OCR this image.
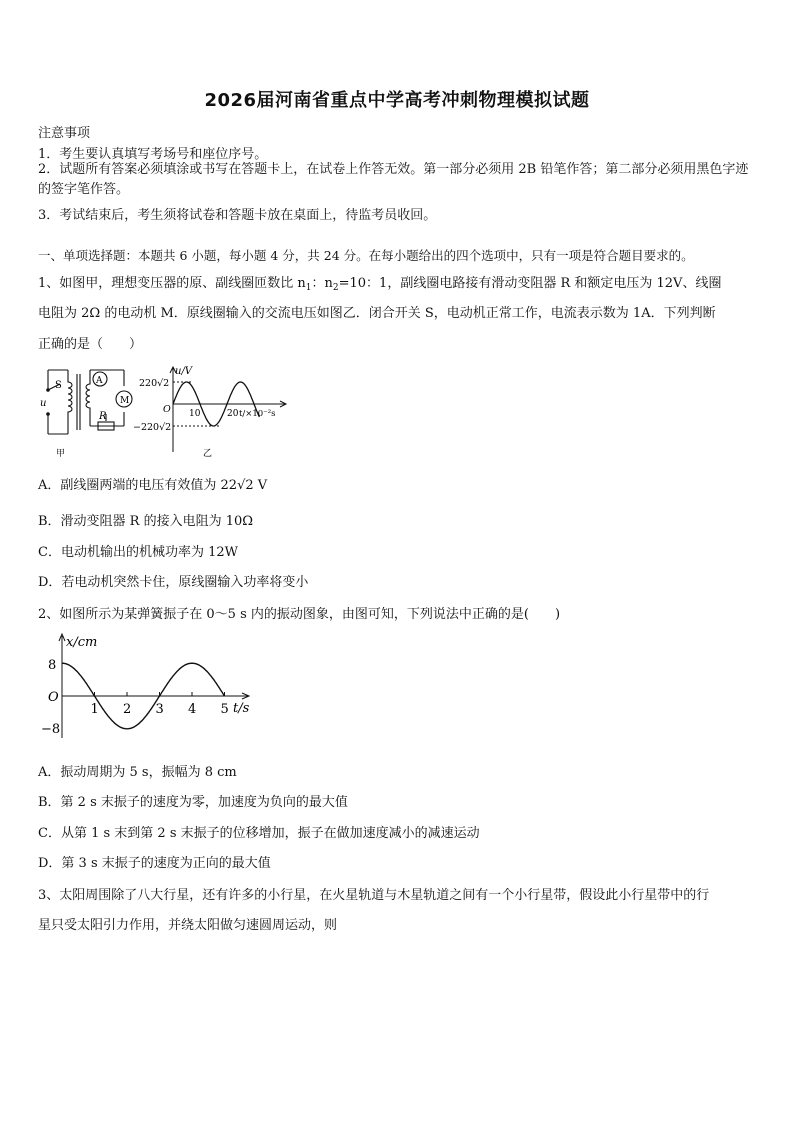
2026届河南省重点中学高考冲刺物理模拟试题
注意事项
1．考生要认真填写考场号和座位序号。
2．试题所有答案必须填涂或书写在答题卡上，在试卷上作答无效。第一部分必须用 2B 铅笔作答；第二部分必须用黑色字迹的签字笔作答。
3．考试结束后，考生须将试卷和答题卡放在桌面上，待监考员收回。
一、单项选择题：本题共 6 小题，每小题 4 分，共 24 分。在每小题给出的四个选项中，只有一项是符合题目要求的。
1、如图甲，理想变压器的原、副线圈匝数比 $n_1$：$n_2=10$：1，副线圈电路接有滑动变阻器 R 和额定电压为 12V、线圈
电阻为 2Ω 的电动机 M．原线圈输入的交流电压如图乙．闭合开关 S，电动机正常工作，电流表示数为 1A．下列判断
正确的是（　　）
S	A
M
R
u
甲
u/V
220√2
−220√2
O 10	20 t/×10⁻²s
乙
A．副线圈两端的电压有效值为 22√2 V
B．滑动变阻器 R 的接入电阻为 10Ω
C．电动机输出的机械功率为 12W
D．若电动机突然卡住，原线圈输入功率将变小
2、如图所示为某弹簧振子在 0～5 s 内的振动图象，由图可知，下列说法中正确的是(　　)
x/cm
8
O
−8
t/s
1 2 3 4 5
A．振动周期为 5 s，振幅为 8 cm
B．第 2 s 末振子的速度为零，加速度为负向的最大值
C．从第 1 s 末到第 2 s 末振子的位移增加，振子在做加速度减小的减速运动
D．第 3 s 末振子的速度为正向的最大值
3、太阳周围除了八大行星，还有许多的小行星，在火星轨道与木星轨道之间有一个小行星带，假设此小行星带中的行
星只受太阳引力作用，并绕太阳做匀速圆周运动，则
